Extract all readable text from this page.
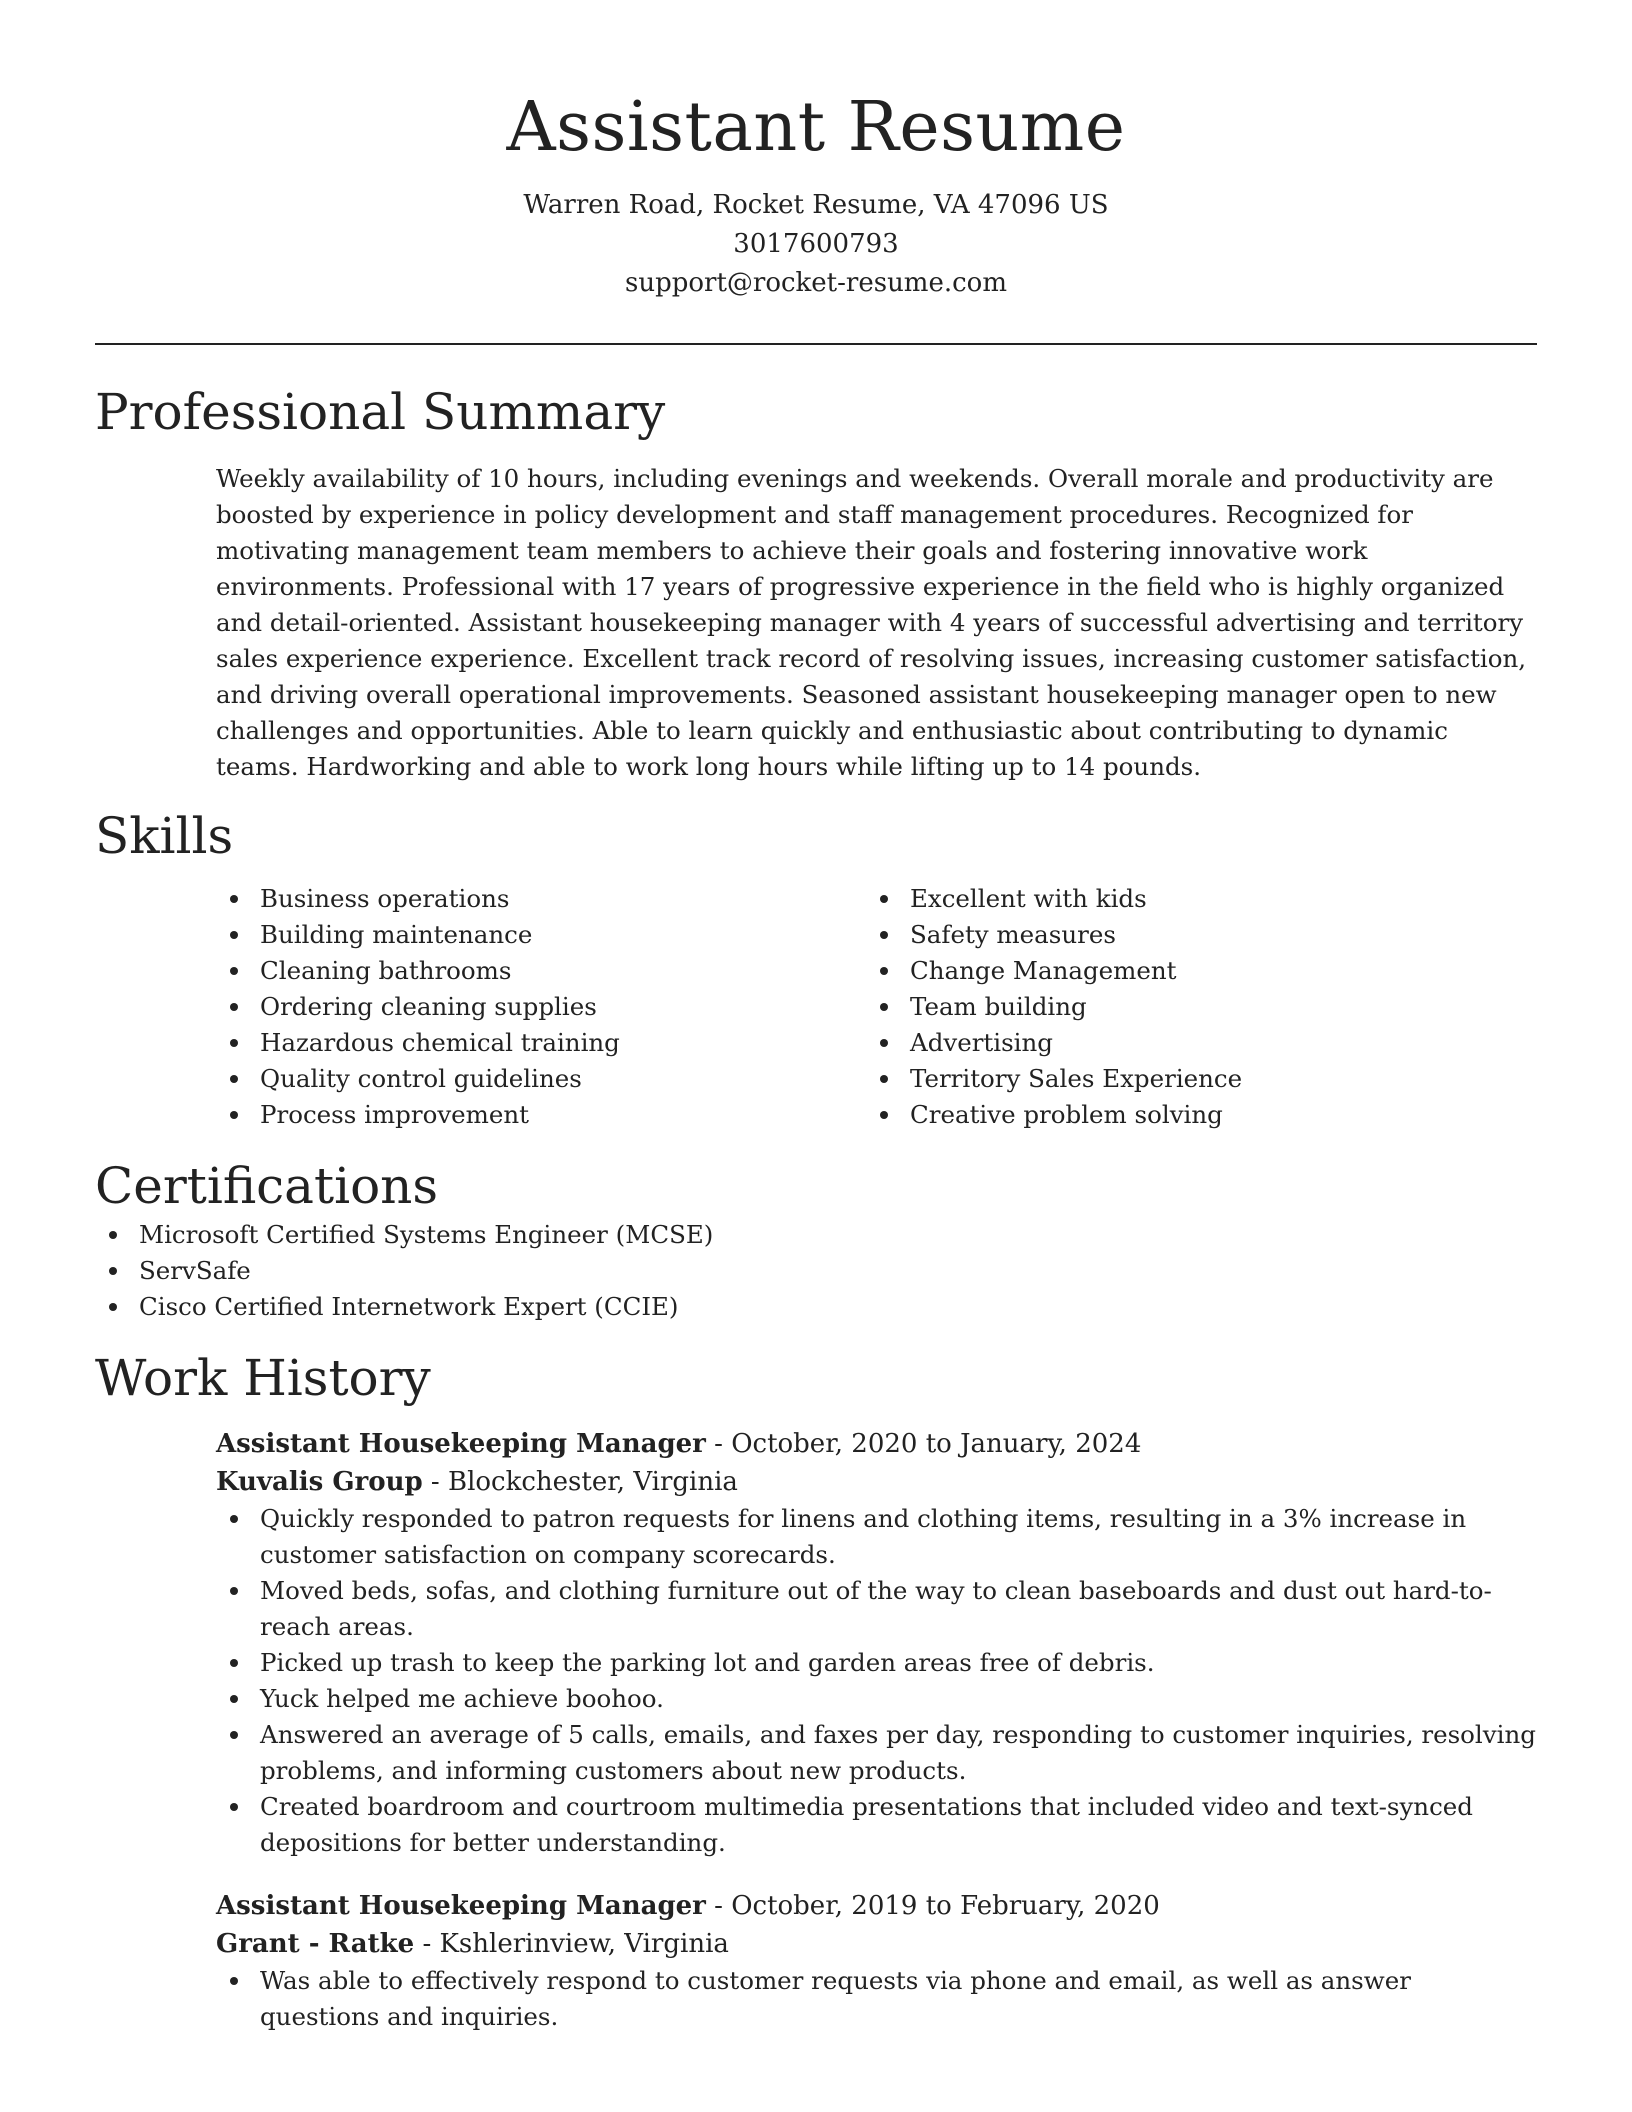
Assistant Resume
Warren Road, Rocket Resume, VA 47096 US
3017600793
support@rocket-resume.com
Professional Summary

Weekly availability of 10 hours, including evenings and weekends. Overall morale and productivity are boosted by experience in policy development and staff management procedures. Recognized for motivating management team members to achieve their goals and fostering innovative work environments. Professional with 17 years of progressive experience in the field who is highly organized and detail-oriented. Assistant housekeeping manager with 4 years of successful advertising and territory sales experience experience. Excellent track record of resolving issues, increasing customer satisfaction, and driving overall operational improvements. Seasoned assistant housekeeping manager open to new challenges and opportunities. Able to learn quickly and enthusiastic about contributing to dynamic teams. Hardworking and able to work long hours while lifting up to 14 pounds.

Skills
Business operations
Building maintenance
Cleaning bathrooms
Ordering cleaning supplies
Hazardous chemical training
Quality control guidelines
Process improvement
Excellent with kids
Safety measures
Change Management
Team building
Advertising
Territory Sales Experience
Creative problem solving
Certifications
Microsoft Certified Systems Engineer (MCSE)
ServSafe
Cisco Certified Internetwork Expert (CCIE)
Work History
Assistant Housekeeping Manager - October, 2020 to January, 2024
Kuvalis Group - Blockchester, Virginia
Quickly responded to patron requests for linens and clothing items, resulting in a 3% increase in customer satisfaction on company scorecards.
Moved beds, sofas, and clothing furniture out of the way to clean baseboards and dust out hard-to-reach areas.
Picked up trash to keep the parking lot and garden areas free of debris.
Yuck helped me achieve boohoo.
Answered an average of 5 calls, emails, and faxes per day, responding to customer inquiries, resolving problems, and informing customers about new products.
Created boardroom and courtroom multimedia presentations that included video and text-synced depositions for better understanding.
Assistant Housekeeping Manager - October, 2019 to February, 2020
Grant - Ratke - Kshlerinview, Virginia
Was able to effectively respond to customer requests via phone and email, as well as answer questions and inquiries.
